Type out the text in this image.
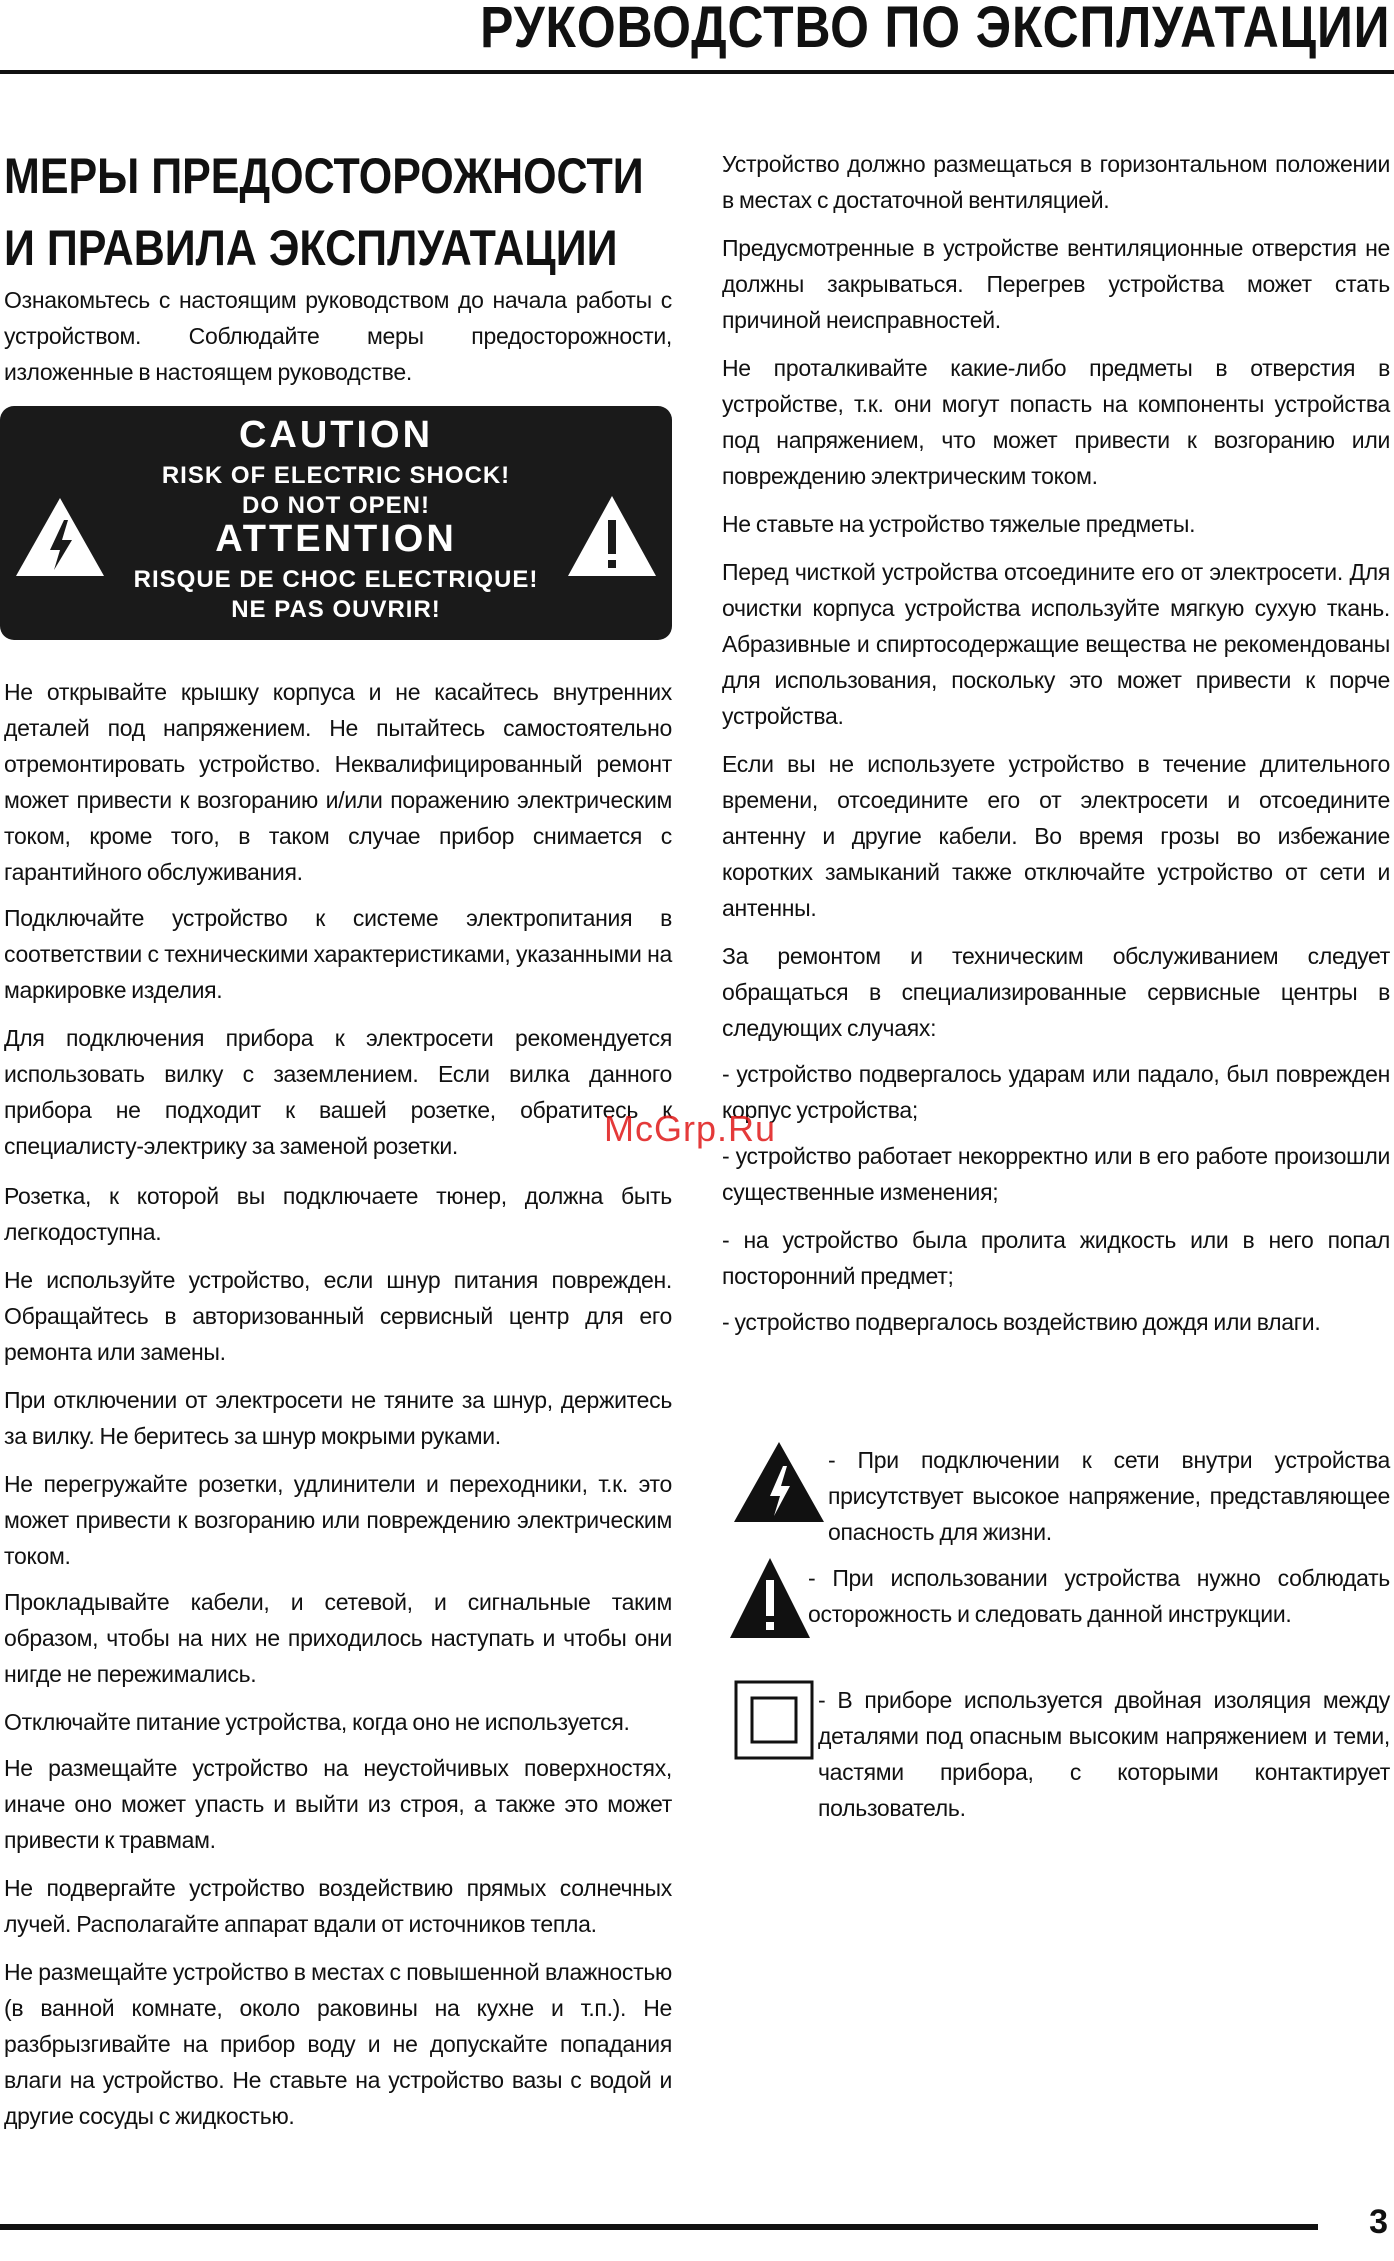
РУКОВОДСТВО ПО ЭКСПЛУАТАЦИИ
МЕРЫ ПРЕДОСТОРОЖНОСТИ
И ПРАВИЛА ЭКСПЛУАТАЦИИ

Ознакомьтесь с настоящим руководством до начала работы с устройством. Соблюдайте меры предосторожности, изложенные в настоящем руководстве.

CAUTION
RISK OF ELECTRIC SHOCK!
DO NOT OPEN!
ATTENTION
RISQUE DE CHOC ELECTRIQUE!
NE PAS OUVRIR!

Не открывайте крышку корпуса и не касайтесь внутренних деталей под напряжением. Не пытайтесь самостоятельно отремонтировать устройство. Неквалифицированный ремонт может привести к возгоранию и/или поражению электрическим током, кроме того, в таком случае прибор снимается с гарантийного обслуживания.

Подключайте устройство к системе электропитания в соответствии с техническими характеристиками, указанными на маркировке изделия.

Для подключения прибора к электросети рекомендуется использовать вилку с заземлением. Если вилка данного прибора не подходит к вашей розетке, обратитесь к специалисту-электрику за заменой розетки.

Розетка, к которой вы подключаете тюнер, должна быть легкодоступна.

Не используйте устройство, если шнур питания поврежден. Обращайтесь в авторизованный сервисный центр для его ремонта или замены.

При отключении от электросети не тяните за шнур, держитесь за вилку. Не беритесь за шнур мокрыми руками.

Не перегружайте розетки, удлинители и переходники, т.к. это может привести к возгоранию или повреждению электрическим током.

Прокладывайте кабели, и сетевой, и сигнальные таким образом, чтобы на них не приходилось наступать и чтобы они нигде не пережимались.

Отключайте питание устройства, когда оно не используется.

Не размещайте устройство на неустойчивых поверхностях, иначе оно может упасть и выйти из строя, а также это может привести к травмам.

Не подвергайте устройство воздействию прямых солнечных лучей. Располагайте аппарат вдали от источников тепла.

Не размещайте устройство в местах с повышенной влажностью (в ванной комнате, около раковины на кухне и т.п.). Не разбрызгивайте на прибор воду и не допускайте попадания влаги на устройство. Не ставьте на устройство вазы с водой и другие сосуды с жидкостью.

Устройство должно размещаться в горизонтальном положении в местах с достаточной вентиляцией.

Предусмотренные в устройстве вентиляционные отверстия не должны закрываться. Перегрев устройства может стать причиной неисправностей.

Не проталкивайте какие-либо предметы в отверстия в устройстве, т.к. они могут попасть на компоненты устройства под напряжением, что может привести к возгоранию или повреждению электрическим током.

Не ставьте на устройство тяжелые предметы.

Перед чисткой устройства отсоедините его от электросети. Для очистки корпуса устройства используйте мягкую сухую ткань. Абразивные и спиртосодержащие вещества не рекомендованы для использования, поскольку это может привести к порче устройства.

Если вы не используете устройство в течение длительного времени, отсоедините его от электросети и отсоедините антенну и другие кабели. Во время грозы во избежание коротких замыканий также отключайте устройство от сети и антенны.

За ремонтом и техническим обслуживанием следует обращаться в специализированные сервисные центры в следующих случаях:

- устройство подвергалось ударам или падало, был поврежден корпус устройства;

- устройство работает некорректно или в его работе произошли существенные изменения;

- на устройство была пролита жидкость или в него попал посторонний предмет;

- устройство подвергалось воздействию дождя или влаги.

- При подключении к сети внутри устройства присутствует высокое напряжение, представляющее опасность для жизни.
- При использовании устройства нужно соблюдать осторожность и следовать данной инструкции.
- В приборе используется двойная изоляция между деталями под опасным высоким напряжением и теми, частями прибора, с которыми контактирует пользователь.
McGrp.Ru
3
